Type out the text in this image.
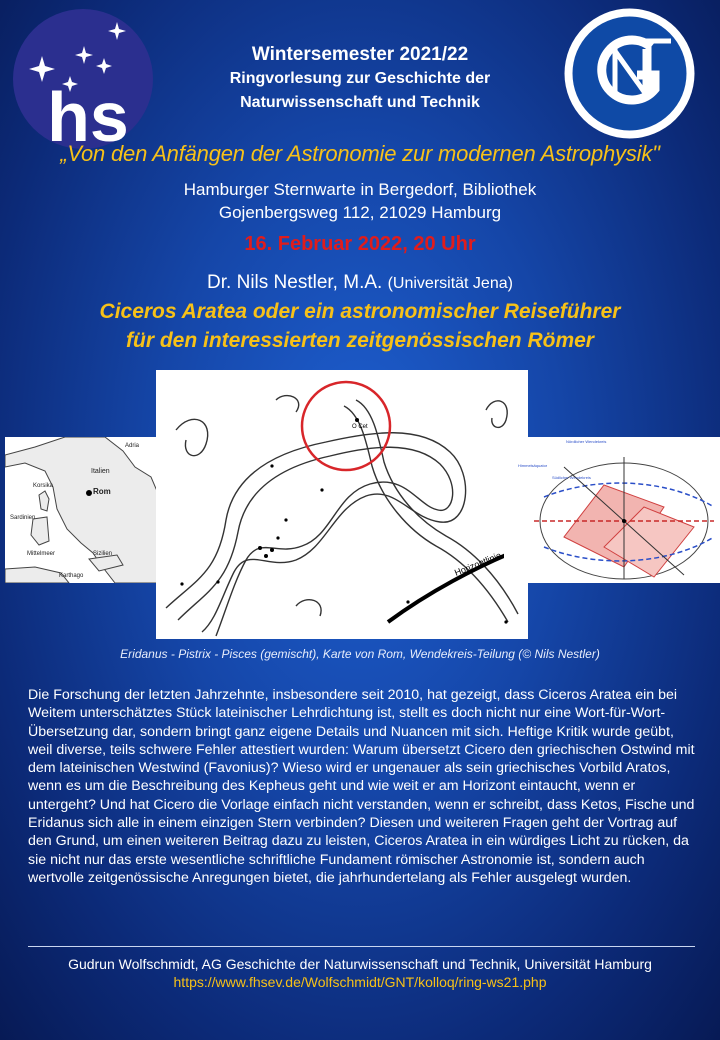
hs
Wintersemester 2021/22
Ringvorlesung zur Geschichte der
Naturwissenschaft und Technik
„Von den Anfängen der Astronomie zur modernen Astrophysik"
Hamburger Sternwarte in Bergedorf, Bibliothek
Gojenbergsweg 112, 21029 Hamburg
16. Februar 2022, 20 Uhr
Dr. Nils Nestler, M.A. (Universität Jena)
Ciceros Aratea oder ein astronomischer Reiseführer
für den interessierten zeitgenössischen Römer
Adria
Italien
Rom
Korsika
Sardinien
Sizilien
Mittelmeer
Karthago	Horizontlinie
O Cet
Nördlicher Wendekreis
Himmelsäquator
Südlicher Wendekreis
Eridanus - Pistrix - Pisces (gemischt), Karte von Rom, Wendekreis-Teilung (© Nils Nestler)
Die Forschung der letzten Jahrzehnte, insbesondere seit 2010, hat gezeigt, dass Ciceros Aratea ein bei Weitem unterschätztes Stück lateinischer Lehrdichtung ist, stellt es doch nicht nur eine Wort-für-Wort-Übersetzung dar, sondern bringt ganz eigene Details und Nuancen mit sich. Heftige Kritik wurde geübt, weil diverse, teils schwere Fehler attestiert wurden: Warum übersetzt Cicero den griechischen Ostwind mit dem lateinischen Westwind (Favonius)? Wieso wird er ungenauer als sein griechisches Vorbild Aratos, wenn es um die Beschreibung des Kepheus geht und wie weit er am Horizont eintaucht, wenn er untergeht? Und hat Cicero die Vorlage einfach nicht verstanden, wenn er schreibt, dass Ketos, Fische und Eridanus sich alle in einem einzigen Stern verbinden? Diesen und weiteren Fragen geht der Vortrag auf den Grund, um einen weiteren Beitrag dazu zu leisten, Ciceros Aratea in ein würdiges Licht zu rücken, da sie nicht nur das erste wesentliche schriftliche Fundament römischer Astronomie ist, sondern auch wertvolle zeitgenössische Anregungen bietet, die jahrhundertelang als Fehler ausgelegt wurden.
Gudrun Wolfschmidt, AG Geschichte der Naturwissenschaft und Technik, Universität Hamburg
https://www.fhsev.de/Wolfschmidt/GNT/kolloq/ring-ws21.php
